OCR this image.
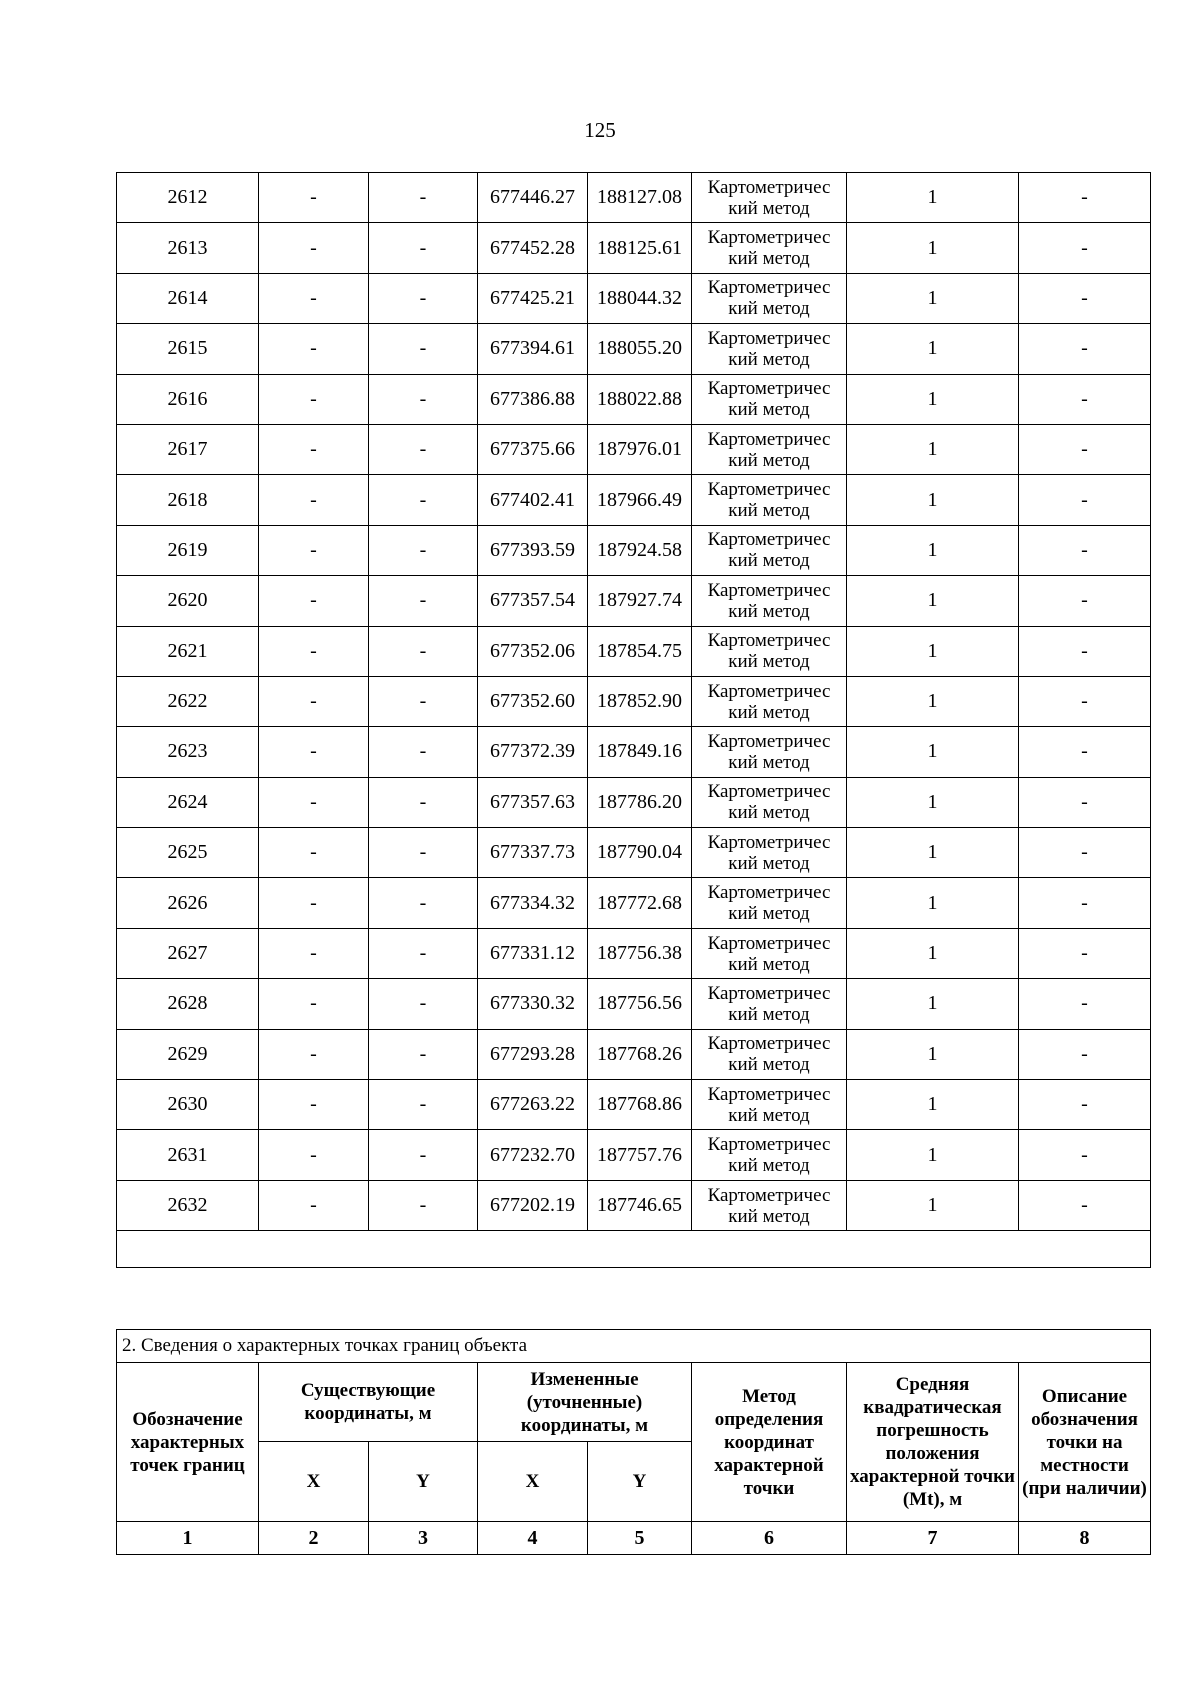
125
2612	-	-	677446.27	188127.08	Картометричес кий метод	1	-
2613	-	-	677452.28	188125.61	Картометричес кий метод	1	-
2614	-	-	677425.21	188044.32	Картометричес кий метод	1	-
2615	-	-	677394.61	188055.20	Картометричес кий метод	1	-
2616	-	-	677386.88	188022.88	Картометричес кий метод	1	-
2617	-	-	677375.66	187976.01	Картометричес кий метод	1	-
2618	-	-	677402.41	187966.49	Картометричес кий метод	1	-
2619	-	-	677393.59	187924.58	Картометричес кий метод	1	-
2620	-	-	677357.54	187927.74	Картометричес кий метод	1	-
2621	-	-	677352.06	187854.75	Картометричес кий метод	1	-
2622	-	-	677352.60	187852.90	Картометричес кий метод	1	-
2623	-	-	677372.39	187849.16	Картометричес кий метод	1	-
2624	-	-	677357.63	187786.20	Картометричес кий метод	1	-
2625	-	-	677337.73	187790.04	Картометричес кий метод	1	-
2626	-	-	677334.32	187772.68	Картометричес кий метод	1	-
2627	-	-	677331.12	187756.38	Картометричес кий метод	1	-
2628	-	-	677330.32	187756.56	Картометричес кий метод	1	-
2629	-	-	677293.28	187768.26	Картометричес кий метод	1	-
2630	-	-	677263.22	187768.86	Картометричес кий метод	1	-
2631	-	-	677232.70	187757.76	Картометричес кий метод	1	-
2632	-	-	677202.19	187746.65	Картометричес кий метод	1	-

2. Сведения о характерных точках границ объекта							
Обозначение характерных точек границ	Существующие координаты, м		Измененные (уточненные) координаты, м		Метод определения координат характерной точки	Средняя квадратическая погрешность положения характерной точки (Mt), м	Описание обозначения точки на местности (при наличии)
	X	Y	X	Y			
1	2	3	4	5	6	7	8
